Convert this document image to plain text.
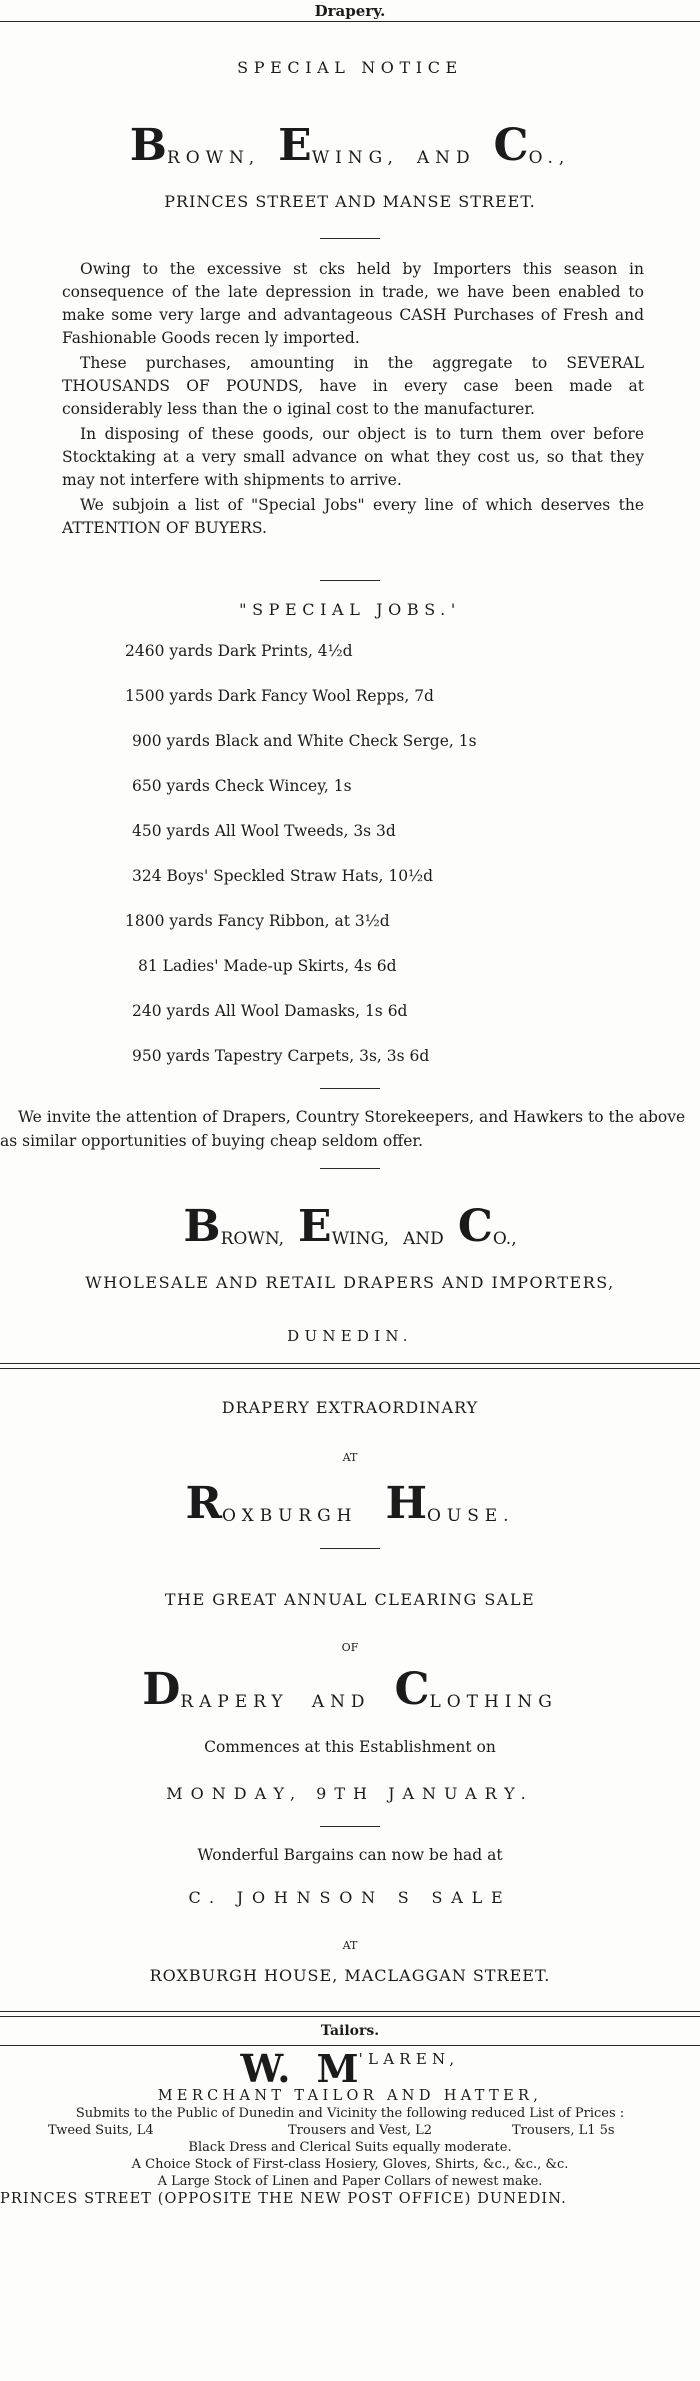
Drapery.
SPECIAL NOTICE
B ROWN, E WING, AND C O.,
PRINCES STREET AND MANSE STREET.

Owing to the excessive st cks held by Importers this season in consequence of the late depression in trade, we have been enabled to make some very large and advantageous CASH Purchases of Fresh and Fashionable Goods recen ly imported.

These purchases, amounting in the aggregate to SEVERAL THOUSANDS OF POUNDS, have in every case been made at considerably less than the o iginal cost to the manufacturer.

In disposing of these goods, our object is to turn them over before Stocktaking at a very small advance on what they cost us, so that they may not interfere with shipments to arrive.

We subjoin a list of "Special Jobs" every line of which deserves the ATTENTION OF BUYERS.

"SPECIAL JOBS.'
2460 yards Dark Prints, 4½d
1500 yards Dark Fancy Wool Repps, 7d
900 yards Black and White Check Serge, 1s
650 yards Check Wincey, 1s
450 yards All Wool Tweeds, 3s 3d
324 Boys' Speckled Straw Hats, 10½d
1800 yards Fancy Ribbon, at 3½d
81 Ladies' Made-up Skirts, 4s 6d
240 yards All Wool Damasks, 1s 6d
950 yards Tapestry Carpets, 3s, 3s 6d
We invite the attention of Drapers, Country Storekeepers, and Hawkers to the above
as similar opportunities of buying cheap seldom offer.
B ROWN, E WING, AND C O.,
WHOLESALE AND RETAIL DRAPERS AND IMPORTERS,
DUNEDIN.
DRAPERY EXTRAORDINARY
AT
R OXBURGH H OUSE.
THE GREAT ANNUAL CLEARING SALE
OF
D RAPERY AND C LOTHING
Commences at this Establishment on
MONDAY, 9TH JANUARY.
Wonderful Bargains can now be had at
C. JOHNSON S SALE
AT
ROXBURGH HOUSE, MACLAGGAN STREET.
Tailors.
W. M 'LAREN,
MERCHANT TAILOR AND HATTER,
Submits to the Public of Dunedin and Vicinity the following reduced List of Prices :
Tweed Suits, L4	Trousers and Vest, L2	Trousers, L1 5s
Black Dress and Clerical Suits equally moderate.
A Choice Stock of First-class Hosiery, Gloves, Shirts, &c., &c., &c.
A Large Stock of Linen and Paper Collars of newest make.
PRINCES STREET (OPPOSITE THE NEW POST OFFICE) DUNEDIN.
